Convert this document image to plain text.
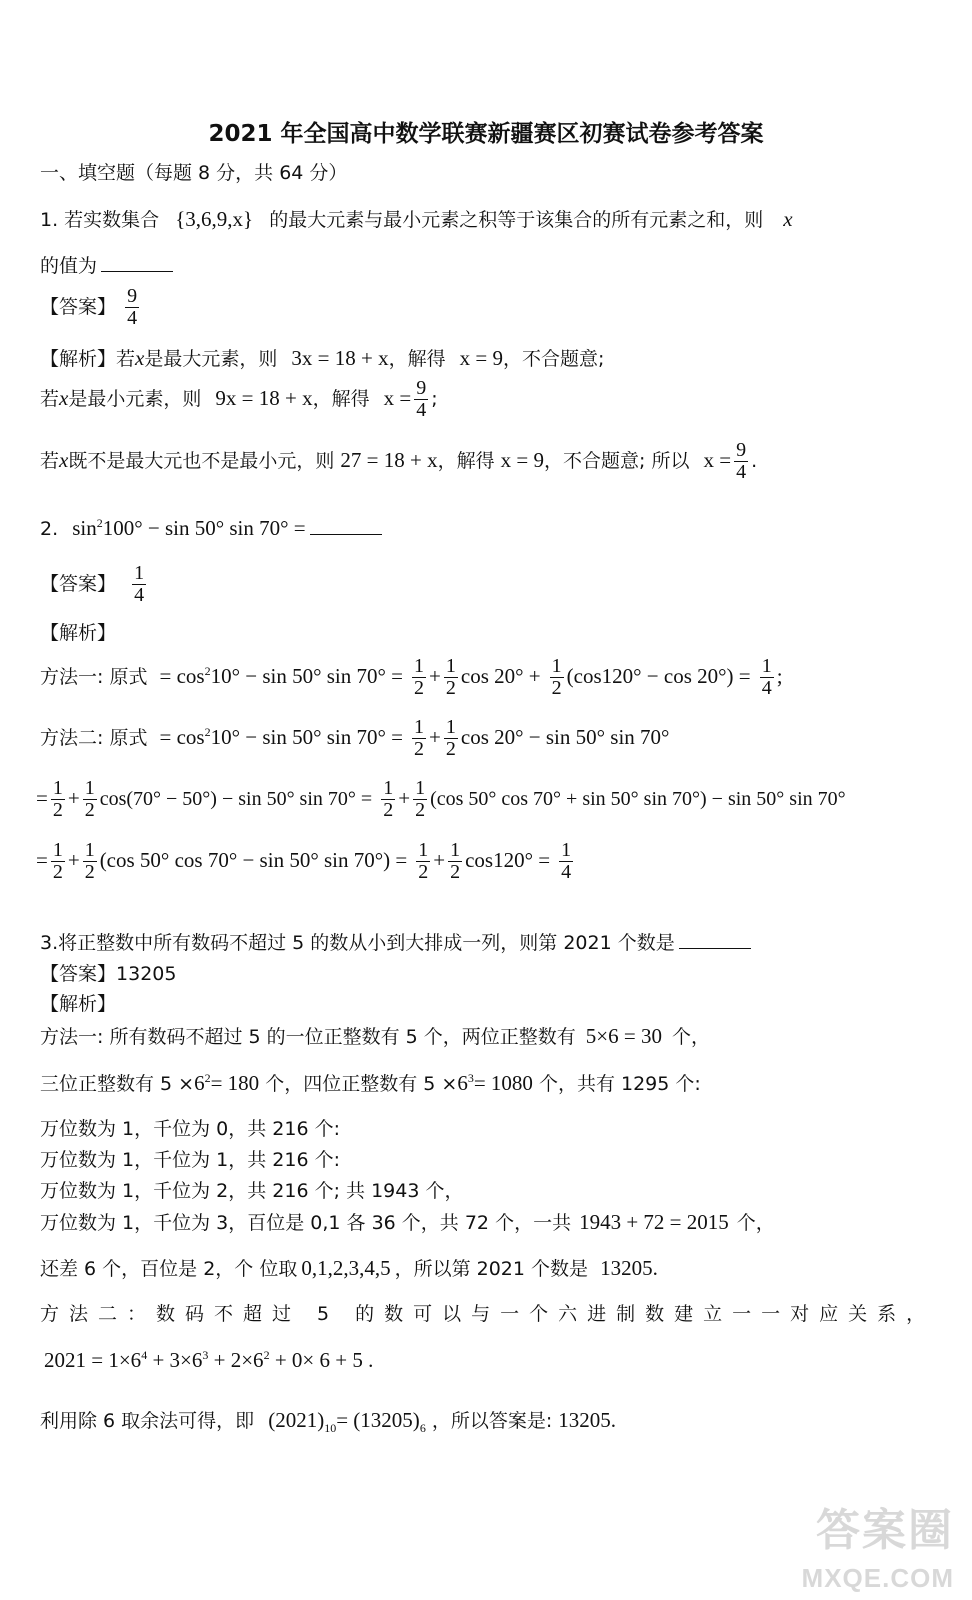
2021 年全国高中数学联赛新疆赛区初赛试卷参考答案
一、填空题（每题 8 分，共 64 分）
1. 若实数集合 {3,6,9,x} 的最大元素与最小元素之积等于该集合的所有元素之和，则 x
的值为
【答案】 $\frac{9}{4}$
【解析】若x是最大元素，则 3x = 18 + x，解得 x = 9，不合题意;
若x是最小元素，则 9x = 18 + x，解得 $x = \frac{9}{4}$ ;
若x既不是最大元也不是最小元，则 27 = 18 + x，解得 x = 9，不合题意; 所以 $x = \frac{9}{4}$ .
2. $\sin^2100^\circ - \sin 50^\circ$ sin 70° =
【答案】 $\frac{1}{4}$
【解析】
方法一: 原式 = $\cos^210^\circ - \sin 50^\circ$ $\sin 70^\circ = \frac{1}{2} + \frac{1}{2}$ $\cos 20^\circ + \frac{1}{2} (\cos 120^\circ - \cos 20^\circ) = \frac{1}{4}$ ;
方法二: 原式 = $\cos^210^\circ - \sin 50^\circ$ $\sin 70^\circ = \frac{1}{2} + \frac{1}{2}$ cos 20° − sin 50° sin 70°
= $\frac{1}{2} + \frac{1}{2} \cos(70^\circ - 50^\circ) - \sin 50^\circ$ $\sin 70^\circ = \frac{1}{2} + \frac{1}{2} (\cos$ 50° cos 70° + sin 50° sin 70°) − sin 50° sin 70°
= $\frac{1}{2} + \frac{1}{2} (\cos$ 50° cos 70° − sin 50° $\sin 70^\circ) = \frac{1}{2} + \frac{1}{2} \cos 120^\circ = \frac{1}{4}$
3.将正整数中所有数码不超过 5 的数从小到大排成一列，则第 2021 个数是
【答案】13205
【解析】
方法一: 所有数码不超过 5 的一位正整数有 5 个，两位正整数有 5×6 = 30 个，
三位正整数有 $5 \times 6^2= 180$ 个，四位正整数有 $5 \times 6^3= 1080$ 个，共有 1295 个:
万位数为 1，千位为 0，共 216 个:
万位数为 1，千位为 1，共 216 个:
万位数为 1，千位为 2，共 216 个; 共 1943 个，
万位数为 1，千位为 3，百位是 0,1 各 36 个，共 72 个，一共 1943 + 72 = 2015 个，
还差 6 个，百位是 2，个 位取 0,1,2,3,4,5 ，所以第 2021 个数是 13205.
方法二：数码不超过 5 的数可以与一个六进制数建立一一对应关系，
$2021 = 1\times 6^4 + 3\times 6^3 + 2\times 6^2 + 0\times 6 + 5$ .
利用除 6 取余法可得，即 $(2021)_{10}= (13205)_6$ ，所以答案是: 13205.
答案圈
MXQE.COM
